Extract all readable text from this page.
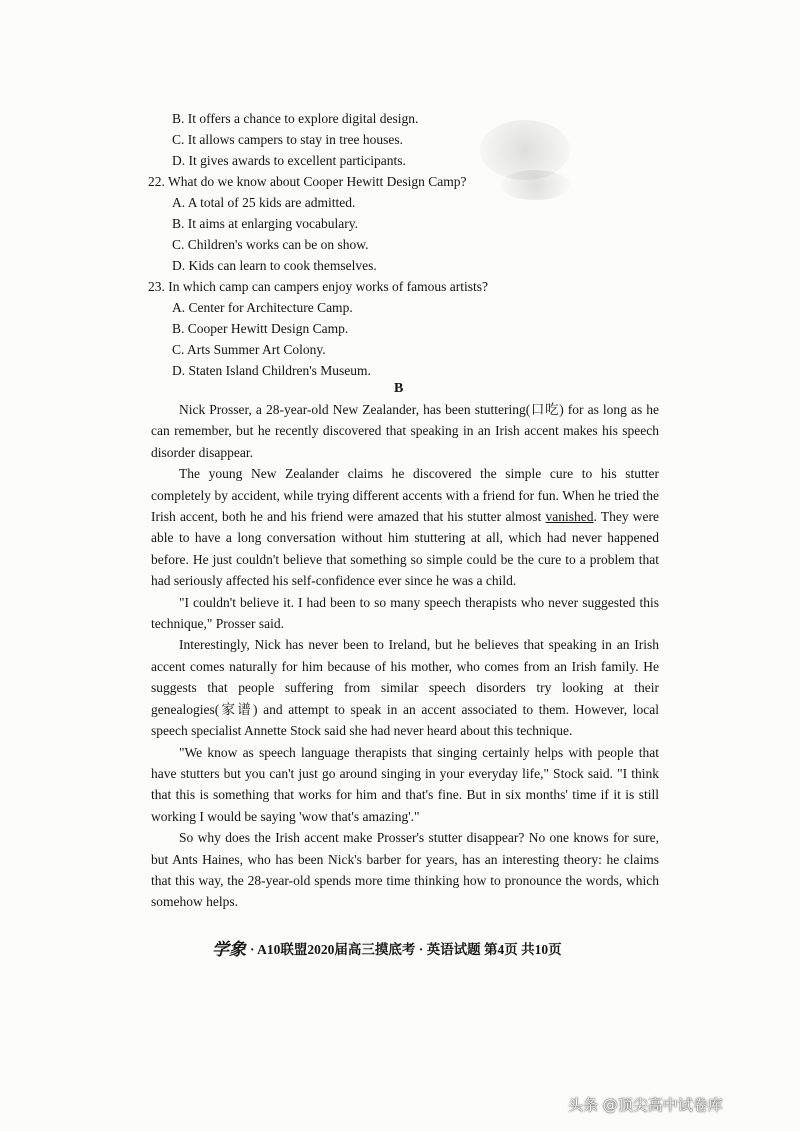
B. It offers a chance to explore digital design.
C. It allows campers to stay in tree houses.
D. It gives awards to excellent participants.
22. What do we know about Cooper Hewitt Design Camp?
A. A total of 25 kids are admitted.
B. It aims at enlarging vocabulary.
C. Children's works can be on show.
D. Kids can learn to cook themselves.
23. In which camp can campers enjoy works of famous artists?
A. Center for Architecture Camp.
B. Cooper Hewitt Design Camp.
C. Arts Summer Art Colony.
D. Staten Island Children's Museum.
B

Nick Prosser, a 28-year-old New Zealander, has been stuttering(口吃) for as long as he can remember, but he recently discovered that speaking in an Irish accent makes his speech disorder disappear.

The young New Zealander claims he discovered the simple cure to his stutter completely by accident, while trying different accents with a friend for fun. When he tried the Irish accent, both he and his friend were amazed that his stutter almost vanished. They were able to have a long conversation without him stuttering at all, which had never happened before. He just couldn't believe that something so simple could be the cure to a problem that had seriously affected his self-confidence ever since he was a child.

"I couldn't believe it. I had been to so many speech therapists who never suggested this technique," Prosser said.

Interestingly, Nick has never been to Ireland, but he believes that speaking in an Irish accent comes naturally for him because of his mother, who comes from an Irish family. He suggests that people suffering from similar speech disorders try looking at their genealogies(家谱) and attempt to speak in an accent associated to them. However, local speech specialist Annette Stock said she had never heard about this technique.

"We know as speech language therapists that singing certainly helps with people that have stutters but you can't just go around singing in your everyday life," Stock said. "I think that this is something that works for him and that's fine. But in six months' time if it is still working I would be saying 'wow that's amazing'."

So why does the Irish accent make Prosser's stutter disappear? No one knows for sure, but Ants Haines, who has been Nick's barber for years, has an interesting theory: he claims that this way, the 28-year-old spends more time thinking how to pronounce the words, which somehow helps.

学象 · A10联盟2020届高三摸底考 · 英语试题 第4页 共10页
头条 @顶尖高中试卷库
